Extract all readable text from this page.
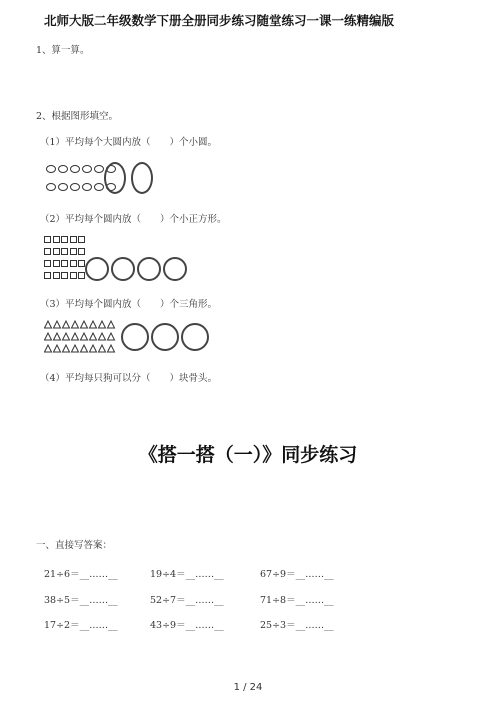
北师大版二年级数学下册全册同步练习随堂练习一课一练精编版
1、算一算。
2、根据图形填空。
（1）平均每个大圆内放（　　）个小圆。
（2）平均每个圆内放（　　）个小正方形。
（3）平均每个圆内放（　　）个三角形。
（4）平均每只狗可以分（　　）块骨头。
《搭一搭（一）》同步练习
一、直接写答案：
21÷6＝__……__	19÷4＝__……__	67÷9＝__……__
38÷5＝__……__	52÷7＝__……__	71÷8＝__……__
17÷2＝__……__	43÷9＝__……__	25÷3＝__……__
1 / 24
